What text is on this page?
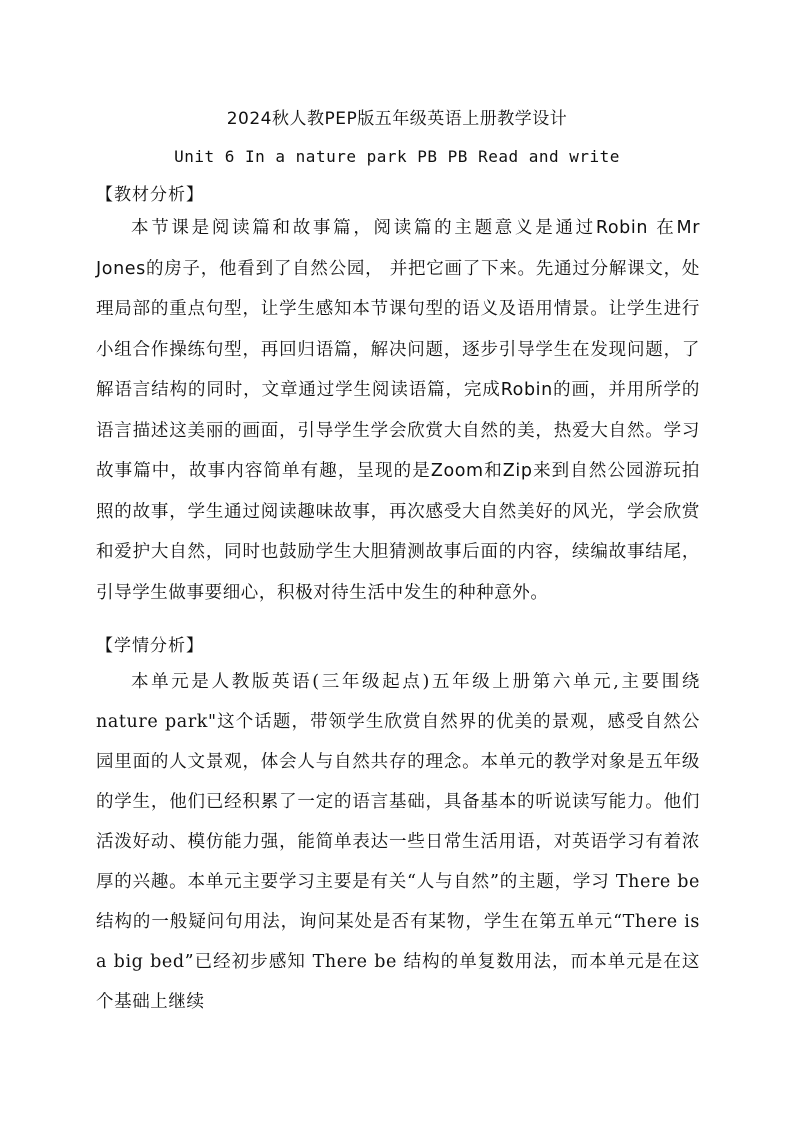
2024秋人教PEP版五年级英语上册教学设计
Unit 6 In a nature park PB PB Read and write
【教材分析】

本节课是阅读篇和故事篇，阅读篇的主题意义是通过Robin 在Mr Jones的房子，他看到了自然公园， 并把它画了下来。先通过分解课文，处理局部的重点句型，让学生感知本节课句型的语义及语用情景。让学生进行小组合作操练句型，再回归语篇，解决问题，逐步引导学生在发现问题，了解语言结构的同时，文章通过学生阅读语篇，完成Robin的画，并用所学的语言描述这美丽的画面，引导学生学会欣赏大自然的美，热爱大自然。学习故事篇中，故事内容简单有趣，呈现的是Zoom和Zip来到自然公园游玩拍照的故事，学生通过阅读趣味故事，再次感受大自然美好的风光，学会欣赏和爱护大自然，同时也鼓励学生大胆猜测故事后面的内容，续编故事结尾，引导学生做事要细心，积极对待生活中发生的种种意外。

【学情分析】

本单元是人教版英语(三年级起点)五年级上册第六单元,主要围绕nature park"这个话题，带领学生欣赏自然界的优美的景观，感受自然公园里面的人文景观，体会人与自然共存的理念。本单元的教学对象是五年级的学生，他们已经积累了一定的语言基础，具备基本的听说读写能力。他们活泼好动、模仿能力强，能简单表达一些日常生活用语，对英语学习有着浓厚的兴趣。本单元主要学习主要是有关“人与自然”的主题，学习 There be 结构的一般疑问句用法，询问某处是否有某物，学生在第五单元“There is a big bed”已经初步感知 There be 结构的单复数用法，而本单元是在这个基础上继续
